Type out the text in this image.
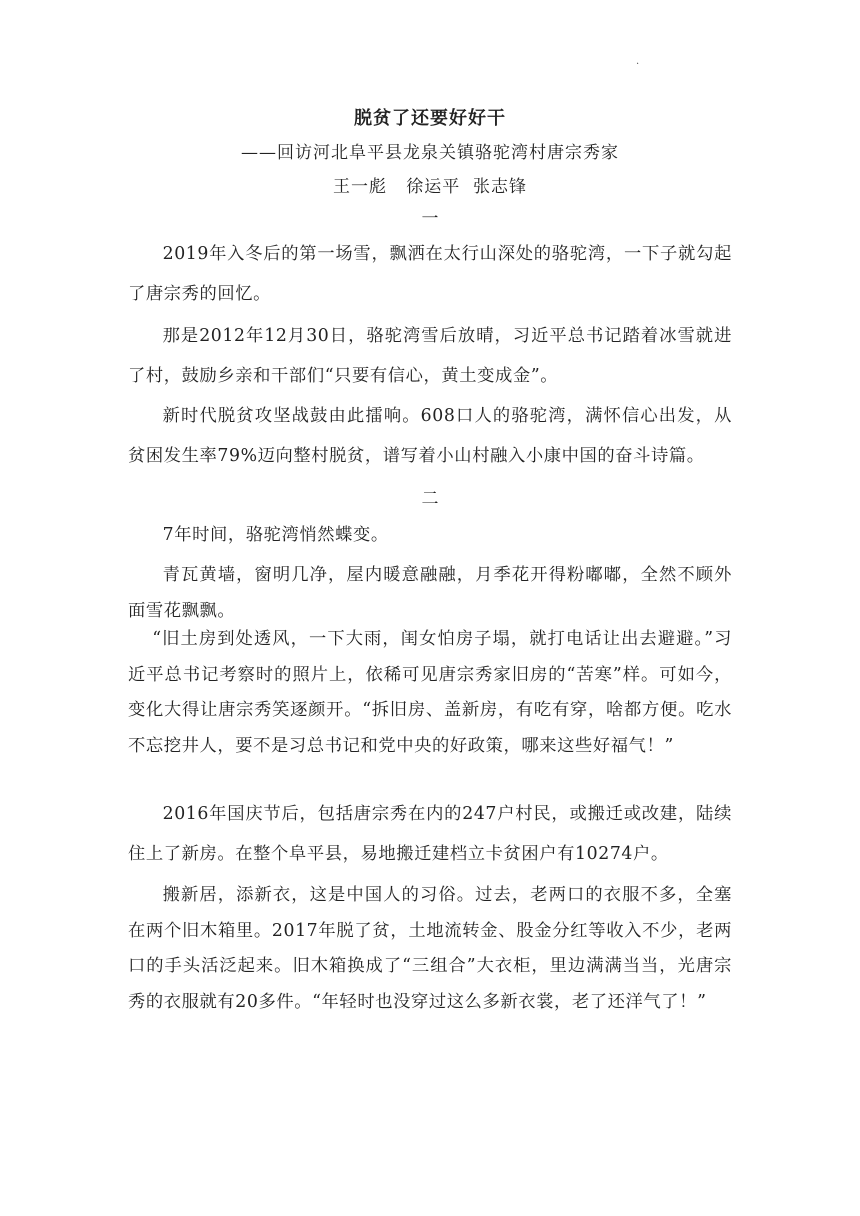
.
脱贫了还要好好干
——回访河北阜平县龙泉关镇骆驼湾村唐宗秀家
王一彪   徐运平  张志锋
一
2019年入冬后的第一场雪，飘洒在太行山深处的骆驼湾，一下子就勾起了唐宗秀的回忆。
那是2012年12月30日，骆驼湾雪后放晴，习近平总书记踏着冰雪就进了村，鼓励乡亲和干部们“只要有信心，黄土变成金”。
新时代脱贫攻坚战鼓由此擂响。608口人的骆驼湾，满怀信心出发，从贫困发生率79%迈向整村脱贫，谱写着小山村融入小康中国的奋斗诗篇。
二
7年时间，骆驼湾悄然蝶变。
青瓦黄墙，窗明几净，屋内暖意融融，月季花开得粉嘟嘟，全然不顾外面雪花飘飘。
“旧土房到处透风，一下大雨，闺女怕房子塌，就打电话让出去避避。”习近平总书记考察时的照片上，依稀可见唐宗秀家旧房的“苦寒”样。可如今，变化大得让唐宗秀笑逐颜开。“拆旧房、盖新房，有吃有穿，啥都方便。吃水不忘挖井人，要不是习总书记和党中央的好政策，哪来这些好福气！”
2016年国庆节后，包括唐宗秀在内的247户村民，或搬迁或改建，陆续住上了新房。在整个阜平县，易地搬迁建档立卡贫困户有10274户。
搬新居，添新衣，这是中国人的习俗。过去，老两口的衣服不多，全塞在两个旧木箱里。2017年脱了贫，土地流转金、股金分红等收入不少，老两口的手头活泛起来。旧木箱换成了“三组合”大衣柜，里边满满当当，光唐宗秀的衣服就有20多件。“年轻时也没穿过这么多新衣裳，老了还洋气了！”
